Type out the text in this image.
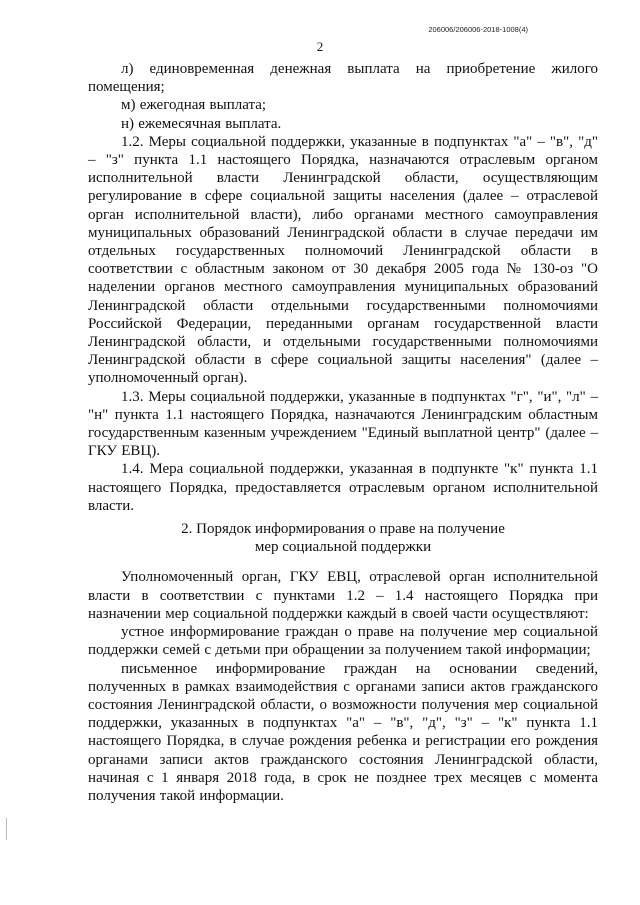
206006/206006-2018-1008(4)
2

л) единовременная денежная выплата на приобретение жилого помещения;

м) ежегодная выплата;

н) ежемесячная выплата.

1.2. Меры социальной поддержки, указанные в подпунктах "а" – "в", "д" – "з" пункта 1.1 настоящего Порядка, назначаются отраслевым органом исполнительной власти Ленинградской области, осуществляющим регулирование в сфере социальной защиты населения (далее – отраслевой орган исполнительной власти), либо органами местного самоуправления муниципальных образований Ленинградской области в случае передачи им отдельных государственных полномочий Ленинградской области в соответствии с областным законом от 30 декабря 2005 года № 130-оз "О наделении органов местного самоуправления муниципальных образований Ленинградской области отдельными государственными полномочиями Российской Федерации, переданными органам государственной власти Ленинградской области, и отдельными государственными полномочиями Ленинградской области в сфере социальной защиты населения" (далее – уполномоченный орган).

1.3. Меры социальной поддержки, указанные в подпунктах "г", "и", "л" – "н" пункта 1.1 настоящего Порядка, назначаются Ленинградским областным государственным казенным учреждением "Единый выплатной центр" (далее – ГКУ ЕВЦ).

1.4. Мера социальной поддержки, указанная в подпункте "к" пункта 1.1 настоящего Порядка, предоставляется отраслевым органом исполнительной власти.

2. Порядок информирования о праве на получение
мер социальной поддержки

Уполномоченный орган, ГКУ ЕВЦ, отраслевой орган исполнительной власти в соответствии с пунктами 1.2 – 1.4 настоящего Порядка при назначении мер социальной поддержки каждый в своей части осуществляют:

устное информирование граждан о праве на получение мер социальной поддержки семей с детьми при обращении за получением такой информации;

письменное информирование граждан на основании сведений, полученных в рамках взаимодействия с органами записи актов гражданского состояния Ленинградской области, о возможности получения мер социальной поддержки, указанных в подпунктах "а" – "в", "д", "з" – "к" пункта 1.1 настоящего Порядка, в случае рождения ребенка и регистрации его рождения органами записи актов гражданского состояния Ленинградской области, начиная с 1 января 2018 года, в срок не позднее трех месяцев с момента получения такой информации.
